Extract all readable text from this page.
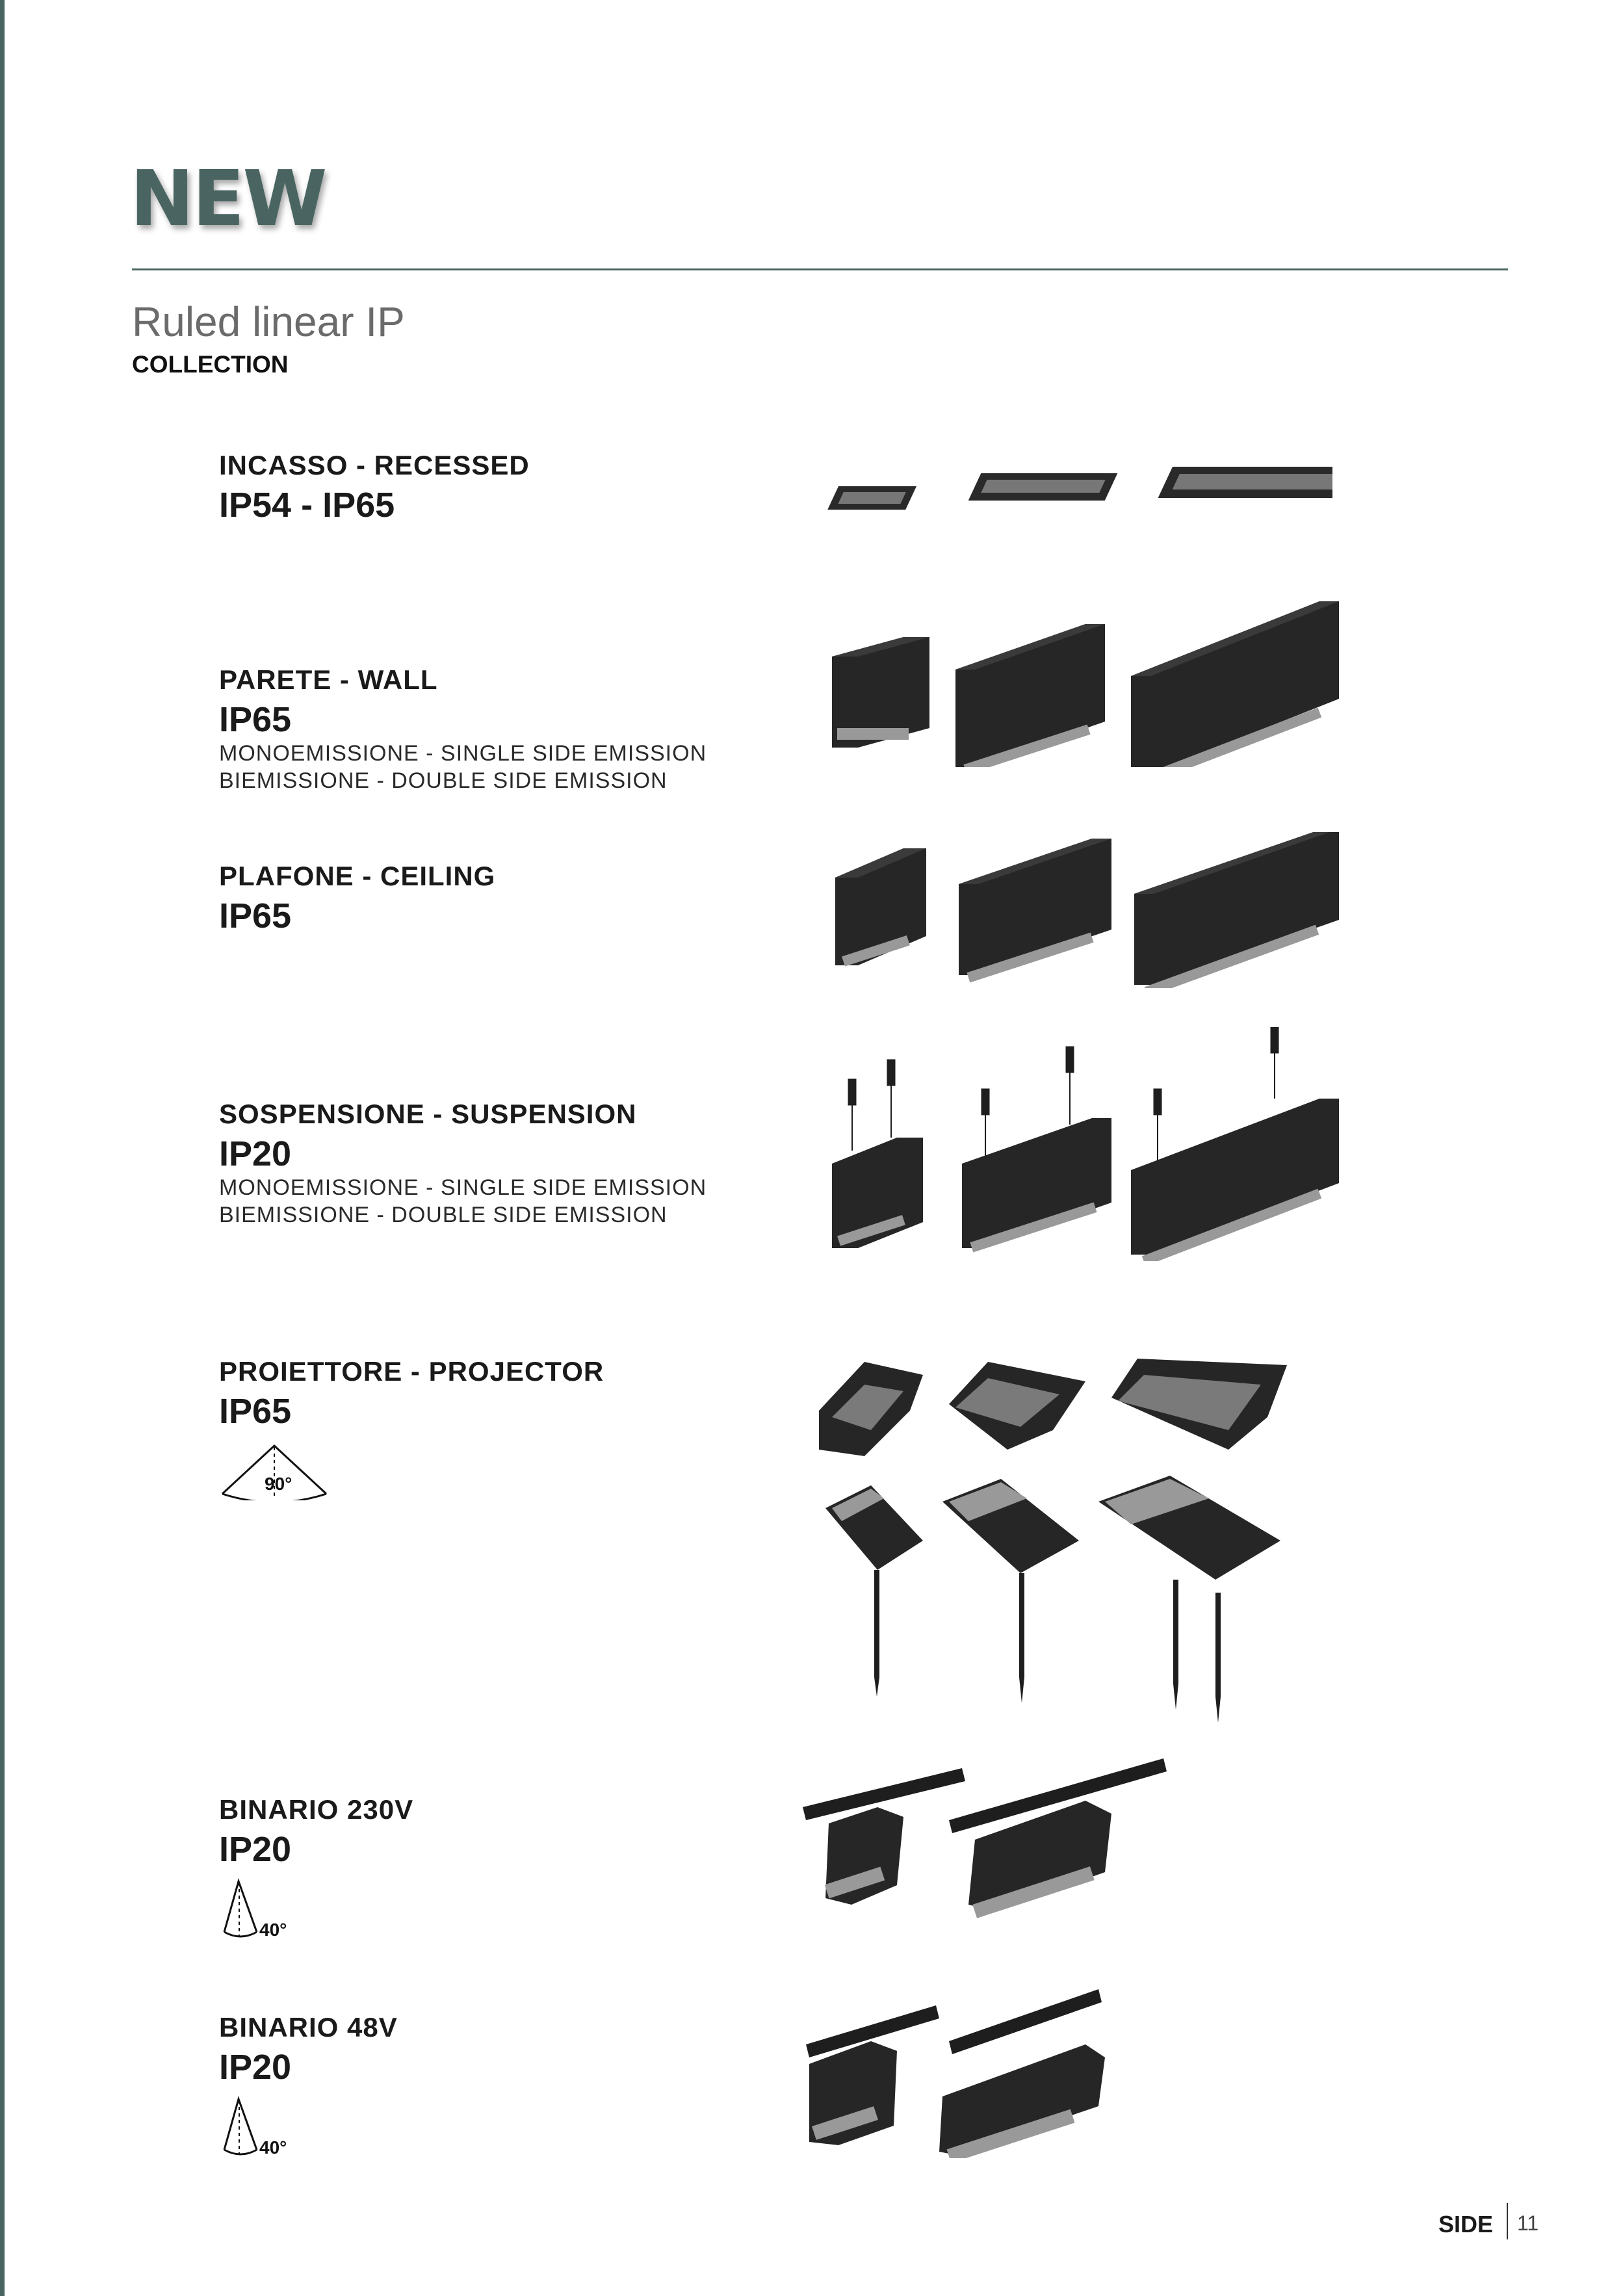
NEW
Ruled linear IP
COLLECTION
INCASSO - RECESSED
IP54 - IP65
PARETE - WALL
IP65
MONOEMISSIONE - SINGLE SIDE EMISSION
BIEMISSIONE - DOUBLE SIDE EMISSION
PLAFONE - CEILING
IP65
SOSPENSIONE - SUSPENSION
IP20
MONOEMISSIONE - SINGLE SIDE EMISSION
BIEMISSIONE - DOUBLE SIDE EMISSION
PROIETTORE - PROJECTOR
IP65
90°
BINARIO 230V
IP20
40°
BINARIO 48V
IP20
40°
SIDE 11
